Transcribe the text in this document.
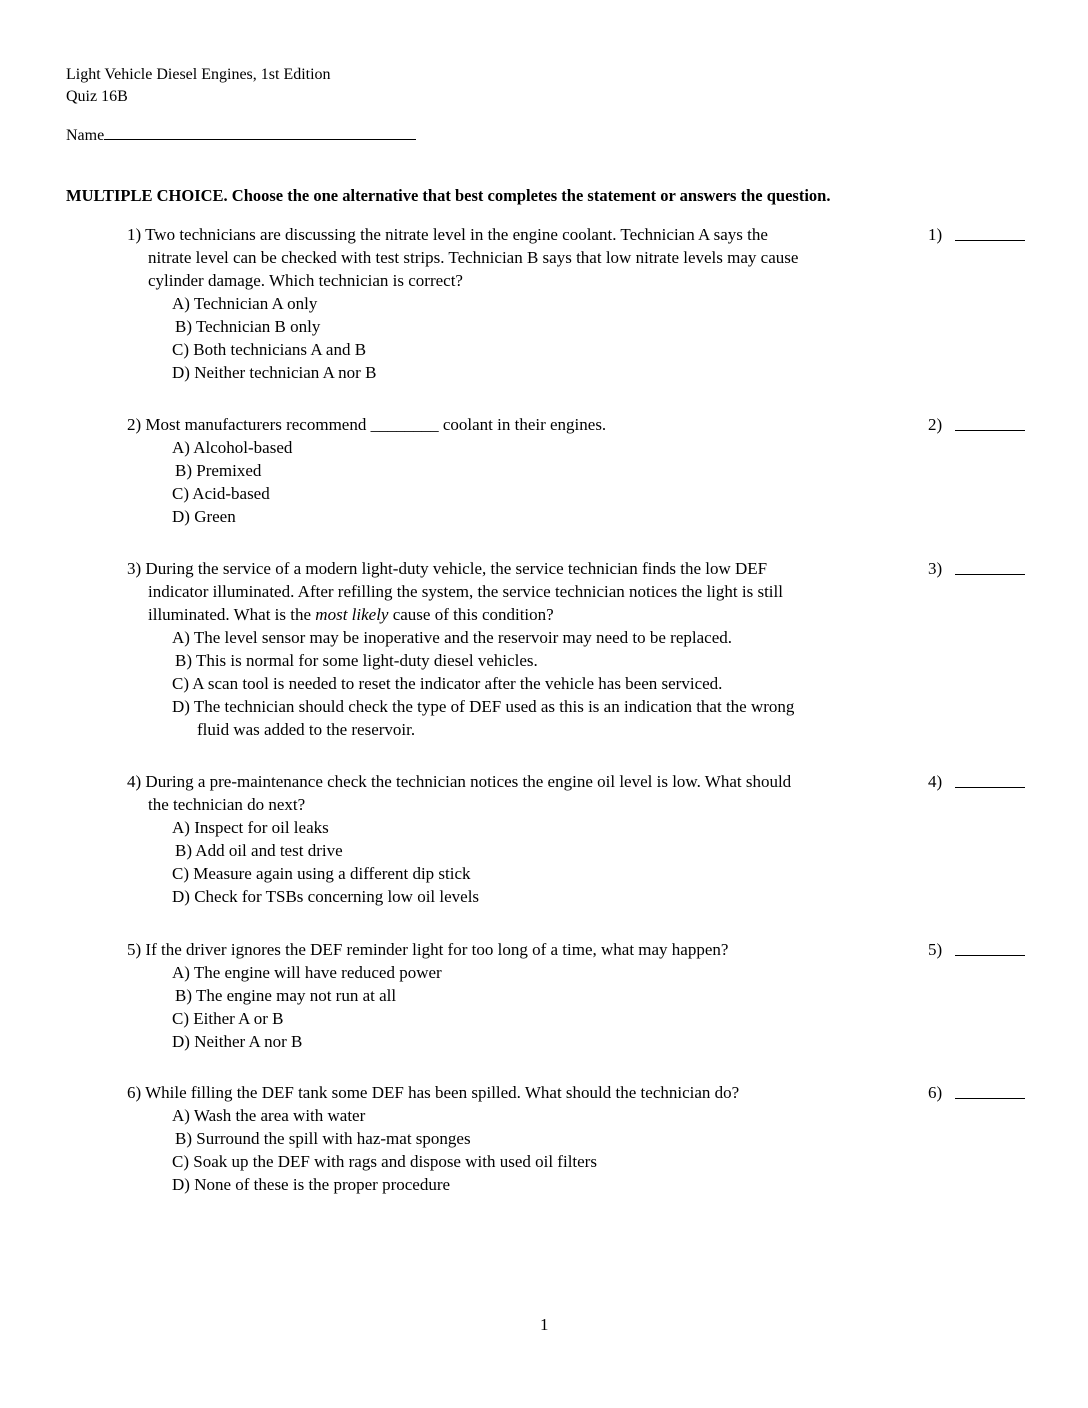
Light Vehicle Diesel Engines, 1st Edition
Quiz 16B
Name
MULTIPLE CHOICE. Choose the one alternative that best completes the statement or answers the question.
1) Two technicians are discussing the nitrate level in the engine coolant. Technician A says the
nitrate level can be checked with test strips. Technician B says that low nitrate levels may cause
cylinder damage. Which technician is correct?
A) Technician A only
B) Technician B only
C) Both technicians A and B
D) Neither technician A nor B
1)
2) Most manufacturers recommend ________ coolant in their engines.
A) Alcohol-based
B) Premixed
C) Acid-based
D) Green
2)
3) During the service of a modern light-duty vehicle, the service technician finds the low DEF
indicator illuminated. After refilling the system, the service technician notices the light is still
illuminated. What is the most likely cause of this condition?
A) The level sensor may be inoperative and the reservoir may need to be replaced.
B) This is normal for some light-duty diesel vehicles.
C) A scan tool is needed to reset the indicator after the vehicle has been serviced.
D) The technician should check the type of DEF used as this is an indication that the wrong
fluid was added to the reservoir.
3)
4) During a pre-maintenance check the technician notices the engine oil level is low. What should
the technician do next?
A) Inspect for oil leaks
B) Add oil and test drive
C) Measure again using a different dip stick
D) Check for TSBs concerning low oil levels
4)
5) If the driver ignores the DEF reminder light for too long of a time, what may happen?
A) The engine will have reduced power
B) The engine may not run at all
C) Either A or B
D) Neither A nor B
5)
6) While filling the DEF tank some DEF has been spilled. What should the technician do?
A) Wash the area with water
B) Surround the spill with haz-mat sponges
C) Soak up the DEF with rags and dispose with used oil filters
D) None of these is the proper procedure
6)
1
